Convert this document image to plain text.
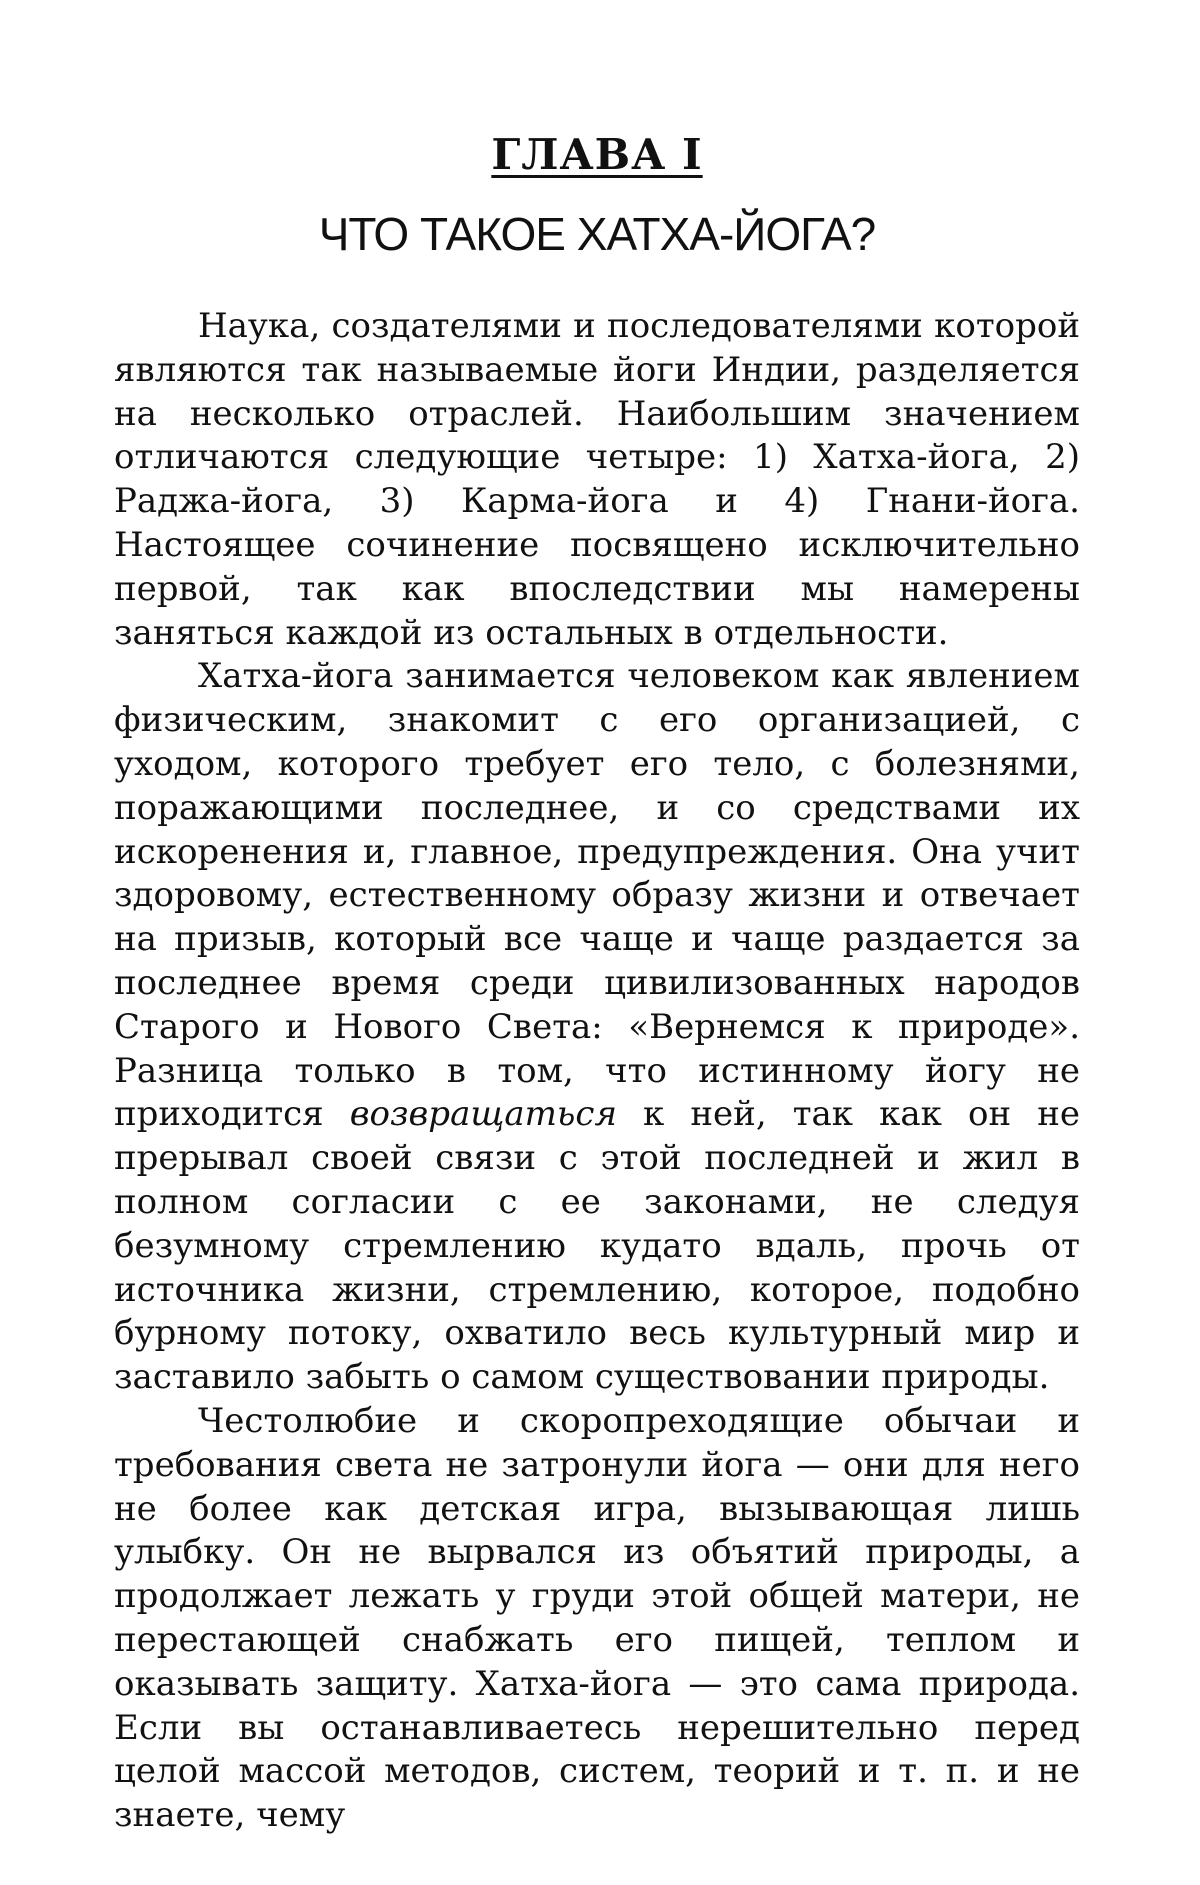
ГЛАВА I
ЧТО ТАКОЕ ХАТХА-ЙОГА?

Наука, создателями и последователями которой являются так называемые йоги Индии, разделяется на несколько отраслей. Наибольшим значением отличаются следующие четыре: 1) Хатха-йога, 2) Раджа-йога, 3) Карма-йога и 4) Гнани-йога. Настоящее сочинение посвящено исключительно первой, так как впоследствии мы намерены заняться каждой из остальных в отдельности.

Хатха-йога занимается человеком как явлением физическим, знакомит с его организацией, с уходом, которого требует его тело, с болезнями, поражающими последнее, и со средствами их искоренения и, главное, предупреждения. Она учит здоровому, естественному образу жизни и отвечает на призыв, который все чаще и чаще раздается за последнее время среди цивилизованных народов Старого и Нового Света: «Вернемся к природе». Разница только в том, что истинному йогу не приходится возвращаться к ней, так как он не прерывал своей связи с этой последней и жил в полном согласии с ее законами, не следуя безумному стремлению кудато вдаль, прочь от источника жизни, стремлению, которое, подобно бурному потоку, охватило весь культурный мир и заставило забыть о самом существовании природы.

Честолюбие и скоропреходящие обычаи и требования света не затронули йога — они для него не более как детская игра, вызывающая лишь улыбку. Он не вырвался из объятий природы, а продолжает лежать у груди этой общей матери, не перестающей снабжать его пищей, теплом и оказывать защиту. Хатха-йога — это сама природа. Если вы останавливаетесь нерешительно перед целой массой методов, систем, теорий и т. п. и не знаете, чему
